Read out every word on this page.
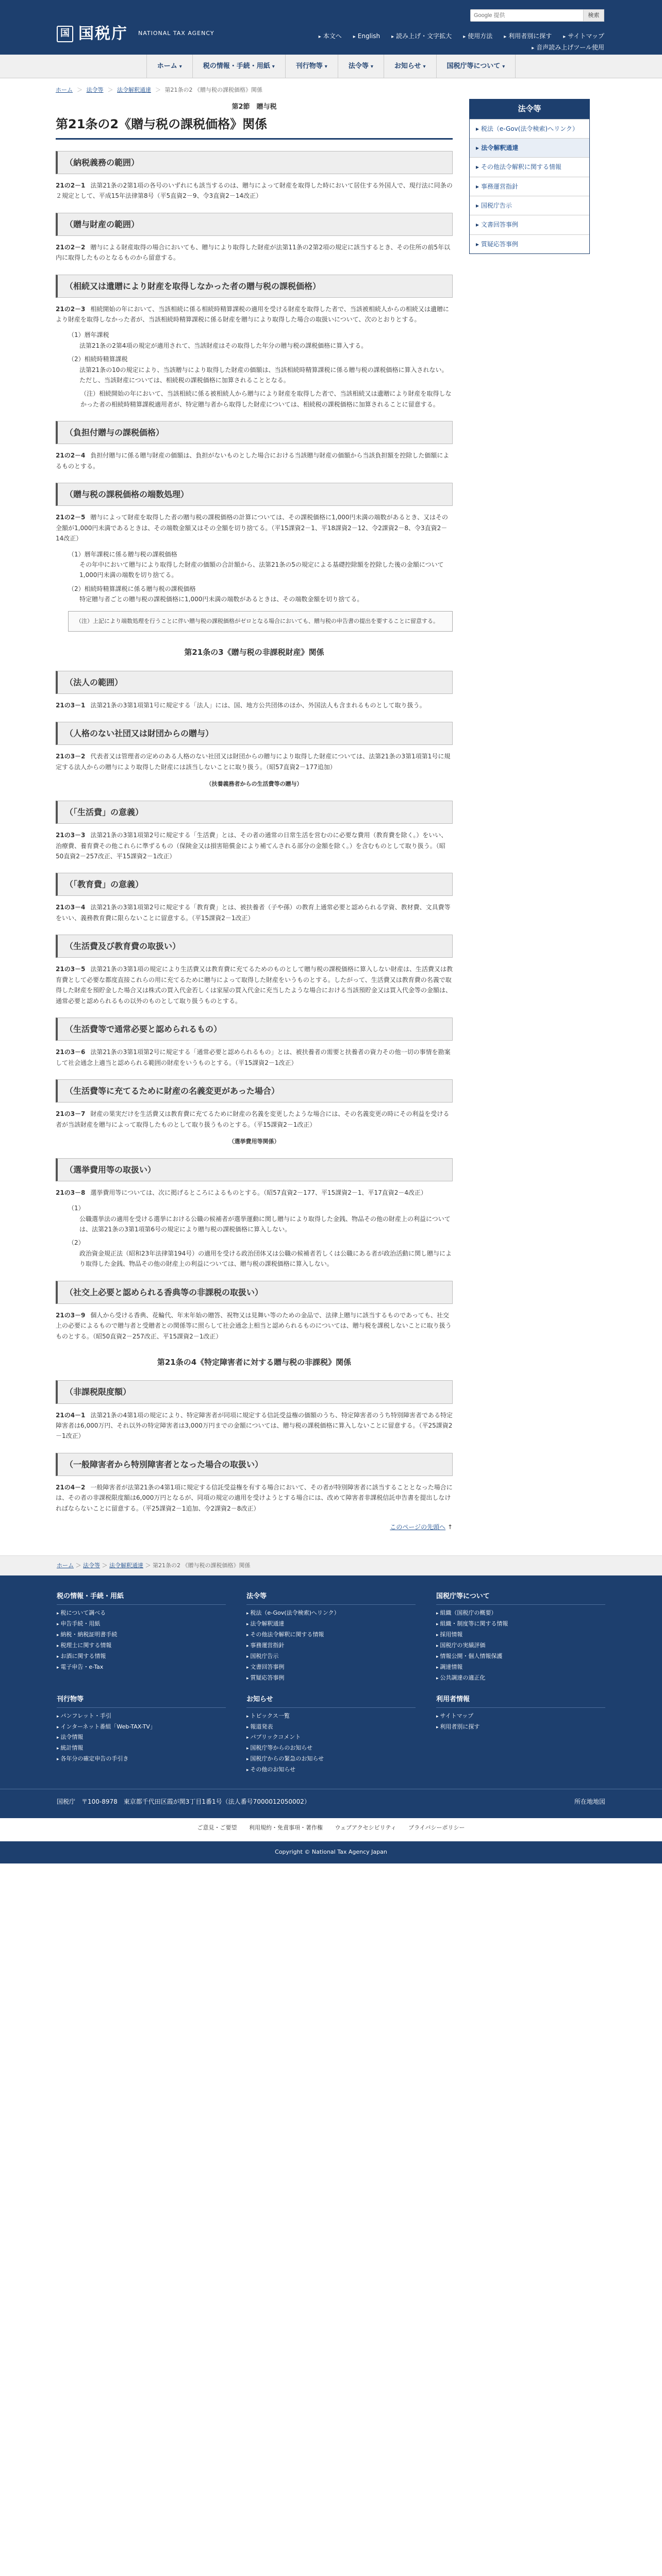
国 国税庁 NATIONAL TAX AGENCY
Google 提供
検索
▸ 本文へ	▸ English	▸ 読み上げ・文字拡大	▸ 使用方法	▸ 利用者別に探す	▸ サイトマップ
▸ 音声読み上げツール使用
ホーム ▾	税の情報・手続・用紙 ▾	刊行物等 ▾	法令等 ▾	お知らせ ▾	国税庁等について ▾
ホーム ＞ 法令等 ＞ 法令解釈通達 ＞ 第21条の2 《贈与税の課税価格》関係
第2節　贈与税
第21条の2《贈与税の課税価格》関係
（納税義務の範囲）
21の2－1 法第21条の2第1項の各号のいずれにも該当するのは、贈与によって財産を取得した時において居住する外国人で、現行法に同条の２規定として、平成15年法律第8号（平5直資2－9、令3直資2－14改正）
（贈与財産の範囲）
21の2－2 贈与による財産取得の場合においても、贈与により取得した財産が法第11条の2第2項の規定に該当するとき、その住所の前5年以内に取得したものとなるものから留意する。
（相続又は遺贈により財産を取得しなかった者の贈与税の課税価格）
21の2－3 相続開始の年において、当該相続に係る相続時精算課税の適用を受ける財産を取得した者で、当該被相続人からの相続又は遺贈により財産を取得しなかった者が、当該相続時精算課税に係る財産を贈与により取得した場合の取扱いについて、次のとおりとする。
（1）暦年課税
法第21条の2第4項の規定が適用されて、当該財産はその取得した年分の贈与税の課税価格に算入する。
（2）相続時精算課税
法第21条の10の規定により、当該贈与により取得した財産の価額は、当該相続時精算課税に係る贈与税の課税価格に算入されない。ただし、当該財産については、相続税の課税価格に加算されることとなる。
（注）相続開始の年において、当該相続に係る被相続人から贈与により財産を取得した者で、当該相続又は遺贈により財産を取得しなかった者の相続時精算課税適用者が、特定贈与者から取得した財産については、相続税の課税価格に加算されることに留意する。
（負担付贈与の課税価格）
21の2－4 負担付贈与に係る贈与財産の価額は、負担がないものとした場合における当該贈与財産の価額から当該負担額を控除した価額によるものとする。
（贈与税の課税価格の端数処理）
21の2－5 贈与によって財産を取得した者の贈与税の課税価格の計算については、その課税価格に1,000円未満の端数があるとき、又はその全額が1,000円未満であるときは、その端数金額又はその全額を切り捨てる。（平15課資2－1、平18課資2－12、令2課資2－8、令3直資2－14改正）
（1）暦年課税に係る贈与税の課税価格
その年中において贈与により取得した財産の価額の合計額から、法第21条の5の規定による基礎控除額を控除した後の金額について1,000円未満の端数を切り捨てる。
（2）相続時精算課税に係る贈与税の課税価格
特定贈与者ごとの贈与税の課税価格に1,000円未満の端数があるときは、その端数金額を切り捨てる。
（注）上記により端数処理を行うことに伴い贈与税の課税価格がゼロとなる場合においても、贈与税の申告書の提出を要することに留意する。
第21条の3《贈与税の非課税財産》関係
（法人の範囲）
21の3－1 法第21条の3第1項第1号に規定する「法人」には、国、地方公共団体のほか、外国法人も含まれるものとして取り扱う。
（人格のない社団又は財団からの贈与）
21の3－2 代表者又は管理者の定めのある人格のない社団又は財団からの贈与により取得した財産については、法第21条の3第1項第1号に規定する法人からの贈与により取得した財産には該当しないことに取り扱う。（昭57直資2－177追加）
（扶養義務者からの生活費等の贈与）
（「生活費」の意義）
21の3－3 法第21条の3第1項第2号に規定する「生活費」とは、その者の通常の日常生活を営むのに必要な費用（教育費を除く。）をいい、治療費、養育費その他これらに準ずるもの（保険金又は損害賠償金により補てんされる部分の金額を除く。）を含むものとして取り扱う。（昭50直資2－257改正、平15課資2－1改正）
（「教育費」の意義）
21の3－4 法第21条の3第1項第2号に規定する「教育費」とは、被扶養者（子や孫）の教育上通常必要と認められる学資、教材費、文具費等をいい、義務教育費に限らないことに留意する。（平15課資2－1改正）
（生活費及び教育費の取扱い）
21の3－5 法第21条の3第1項の規定により生活費又は教育費に充てるためのものとして贈与税の課税価格に算入しない財産は、生活費又は教育費として必要な都度直接これらの用に充てるために贈与によって取得した財産をいうものとする。したがって、生活費又は教育費の名義で取得した財産を預貯金した場合又は株式の買入代金若しくは家屋の買入代金に充当したような場合における当該預貯金又は買入代金等の金額は、通常必要と認められるもの以外のものとして取り扱うものとする。
（生活費等で通常必要と認められるもの）
21の3－6 法第21条の3第1項第2号に規定する「通常必要と認められるもの」とは、被扶養者の需要と扶養者の資力その他一切の事情を勘案して社会通念上適当と認められる範囲の財産をいうものとする。（平15課資2－1改正）
（生活費等に充てるために財産の名義変更があった場合）
21の3－7 財産の果実だけを生活費又は教育費に充てるために財産の名義を変更したような場合には、その名義変更の時にその利益を受ける者が当該財産を贈与によって取得したものとして取り扱うものとする。（平15課資2－1改正）
（選挙費用等関係）
（選挙費用等の取扱い）
21の3－8 選挙費用等については、次に掲げるところによるものとする。（昭57直資2－177、平15課資2－1、平17直資2－4改正）
（1）
公職選挙法の適用を受ける選挙における公職の候補者が選挙運動に関し贈与により取得した金銭、物品その他の財産上の利益については、法第21条の3第1項第6号の規定により贈与税の課税価格に算入しない。
（2）
政治資金規正法（昭和23年法律第194号）の適用を受ける政治団体又は公職の候補者若しくは公職にある者が政治活動に関し贈与により取得した金銭、物品その他の財産上の利益については、贈与税の課税価格に算入しない。
（社交上必要と認められる香典等の非課税の取扱い）
21の3－9 個人から受ける香典、花輪代、年末年始の贈答、祝物又は見舞い等のための金品で、法律上贈与に該当するものであっても、社交上の必要によるもので贈与者と受贈者との関係等に照らして社会通念上相当と認められるものについては、贈与税を課税しないことに取り扱うものとする。（昭50直資2－257改正、平15課資2－1改正）
第21条の4《特定障害者に対する贈与税の非課税》関係
（非課税限度額）
21の4－1 法第21条の4第1項の規定により、特定障害者が同項に規定する信託受益権の価額のうち、特定障害者のうち特別障害者である特定障害者は6,000万円、それ以外の特定障害者は3,000万円までの金額については、贈与税の課税価格に算入しないことに留意する。（平25課資2－1改正）
（一般障害者から特別障害者となった場合の取扱い）
21の4－2 一般障害者が法第21条の4第1項に規定する信託受益権を有する場合において、その者が特別障害者に該当することとなった場合には、その者の非課税限度額は6,000万円となるが、同項の規定の適用を受けようとする場合には、改めて障害者非課税信託申告書を提出しなければならないことに留意する。（平25課資2－1追加、令2課資2－8改正）
このページの先頭へ ↑
法令等
▸ 税法（e-Gov(法令検索)へリンク）
▸ 法令解釈通達
▸ その他法令解釈に関する情報
▸ 事務運営指針
▸ 国税庁告示
▸ 文書回答事例
▸ 質疑応答事例
ホーム ＞ 法令等 ＞ 法令解釈通達 ＞ 第21条の2 《贈与税の課税価格》関係
税の情報・手続・用紙
▸ 税について調べる
▸ 申告手続・用紙
▸ 納税・納税証明書手続
▸ 税理士に関する情報
▸ お酒に関する情報
▸ 電子申告・e-Tax
法令等
▸ 税法（e-Gov(法令検索)へリンク）
▸ 法令解釈通達
▸ その他法令解釈に関する情報
▸ 事務運営指針
▸ 国税庁告示
▸ 文書回答事例
▸ 質疑応答事例
国税庁等について
▸ 組織（国税庁の概要）
▸ 組織・制度等に関する情報
▸ 採用情報
▸ 国税庁の実績評価
▸ 情報公開・個人情報保護
▸ 調達情報
▸ 公共調達の適正化
刊行物等
▸ パンフレット・手引
▸ インターネット番組「Web-TAX-TV」
▸ 法令情報
▸ 統計情報
▸ 各年分の確定申告の手引き
お知らせ
▸ トピックス一覧
▸ 報道発表
▸ パブリックコメント
▸ 国税庁等からのお知らせ
▸ 国税庁からの緊急のお知らせ
▸ その他のお知らせ
利用者情報
▸ サイトマップ
▸ 利用者別に探す
国税庁　〒100-8978　東京都千代田区霞が関3丁目1番1号（法人番号7000012050002）	所在地地図
ご意見・ご要望 利用規約・免責事項・著作権 ウェブアクセシビリティ プライバシーポリシー
Copyright © National Tax Agency Japan
